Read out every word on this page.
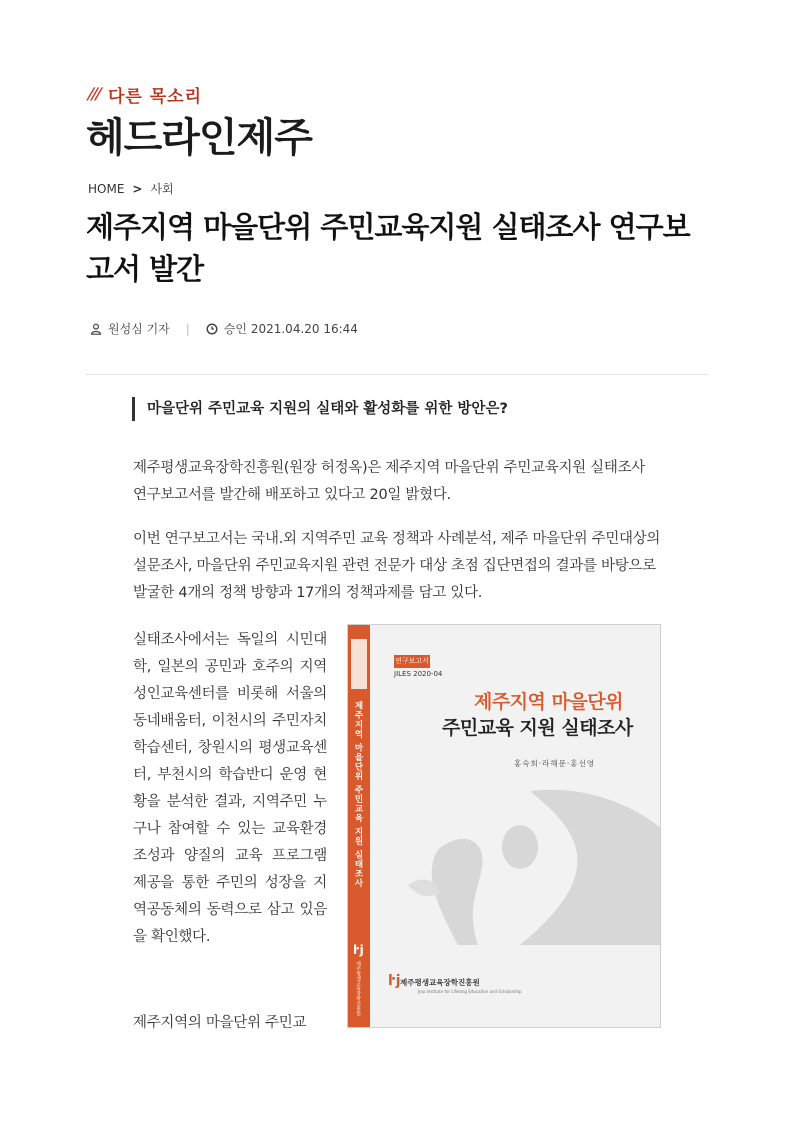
/// 다른 목소리
헤드라인제주
HOME > 사회
제주지역 마을단위 주민교육지원 실태조사 연구보고서 발간
원성심 기자 |	승인 2021.04.20 16:44
마을단위 주민교육 지원의 실태와 활성화를 위한 방안은?

제주평생교육장학진흥원(원장 허정옥)은 제주지역 마을단위 주민교육지원 실태조사 연구보고서를 발간해 배포하고 있다고 20일 밝혔다.

이번 연구보고서는 국내.외 지역주민 교육 정책과 사례분석, 제주 마을단위 주민대상의 설문조사, 마을단위 주민교육지원 관련 전문가 대상 초점 집단면접의 결과를 바탕으로 발굴한 4개의 정책 방향과 17개의 정책과제를 담고 있다.

실태조사에서는 독일의 시민대학, 일본의 공민과 호주의 지역성인교육센터를 비롯해 서울의 동네배움터, 이천시의 주민자치학습센터, 창원시의 평생교육센터, 부천시의 학습반디 운영 현황을 분석한 결과, 지역주민 누구나 참여할 수 있는 교육환경 조성과 양질의 교육 프로그램 제공을 통한 주민의 성장을 지역공동체의 동력으로 삼고 있음을 확인했다.

제주지역의 마을단위 주민교

제주지역 마을단위 주민교육 지원 실태조사
ŀj
제주평생교육장학진흥원
연구보고서
JILES 2020-04
제주지역 마을단위
주민교육 지원 실태조사
홍숙희·라해문·홍선영
ŀj 제주평생교육장학진흥원
Jeju Institute for Lifelong Education and Scholarship
